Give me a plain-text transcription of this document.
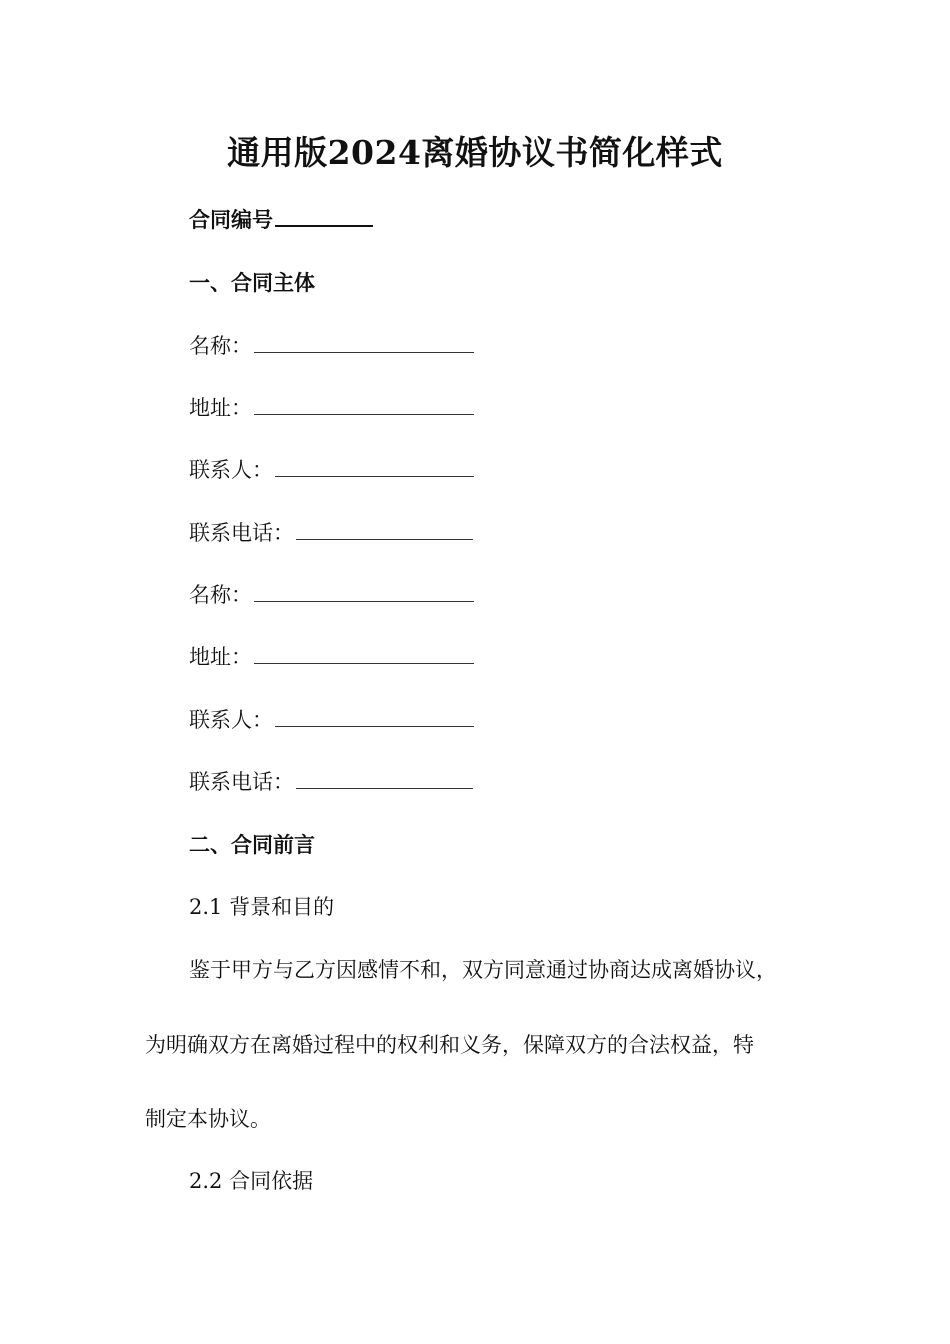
通用版2024离婚协议书简化样式
合同编号
一、合同主体
名称：
地址：
联系人：
联系电话：
名称：
地址：
联系人：
联系电话：
二、合同前言
2.1 背景和目的
鉴于甲方与乙方因感情不和，双方同意通过协商达成离婚协议，
为明确双方在离婚过程中的权利和义务，保障双方的合法权益，特
制定本协议。
2.2 合同依据
